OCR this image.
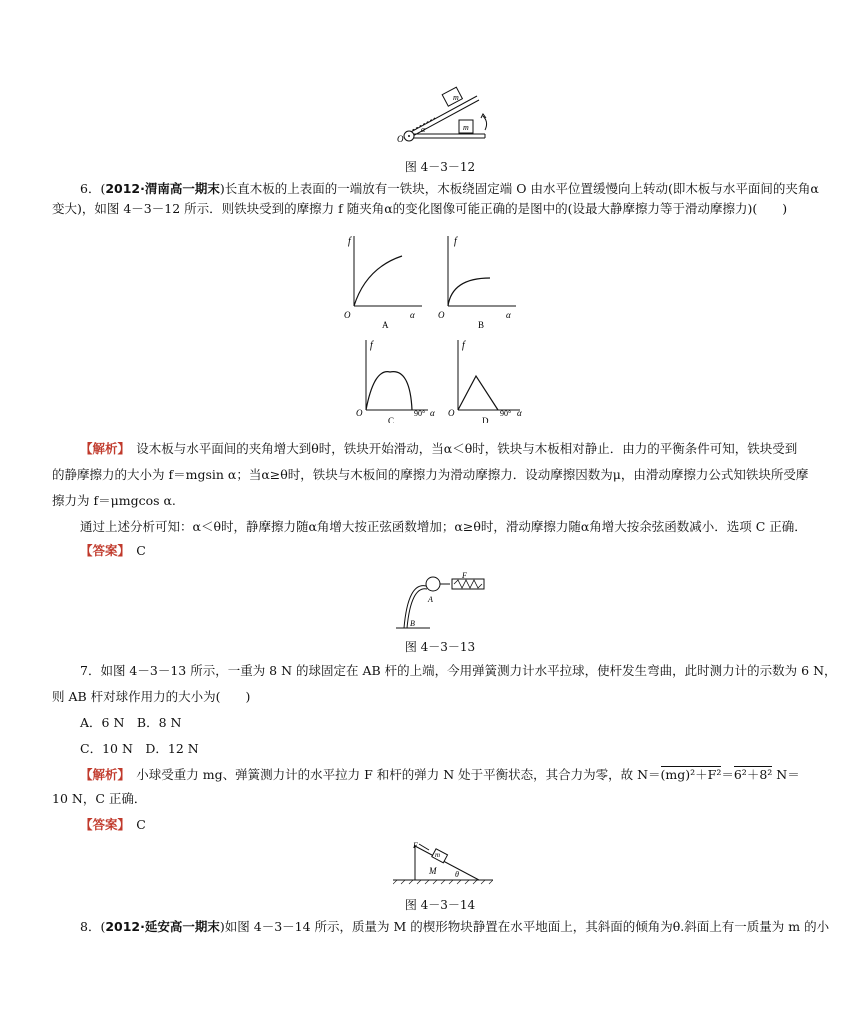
m
m
α
O
图 4－3－12
6．(2012·渭南高一期末)长直木板的上表面的一端放有一铁块，木板绕固定端 O 由水平位置缓慢向上转动(即木板与水平面间的夹角α
变大)，如图 4－3－12 所示．则铁块受到的摩擦力 f 随夹角α的变化图像可能正确的是图中的(设最大静摩擦力等于滑动摩擦力)(　　)
f
O	α
A
f
O	α
B
f
O	90° α
C
f
O	90° α
D
【解析】　 设木板与水平面间的夹角增大到θ时，铁块开始滑动，当α＜θ时，铁块与木板相对静止．由力的平衡条件可知，铁块受到
的静摩擦力的大小为 f＝mgsin α；当α≥θ时，铁块与木板间的摩擦力为滑动摩擦力．设动摩擦因数为μ，由滑动摩擦力公式知铁块所受摩
擦力为 f＝μmgcos α.
通过上述分析可知：α＜θ时，静摩擦力随α角增大按正弦函数增加；α≥θ时，滑动摩擦力随α角增大按余弦函数减小．选项 C 正确．
【答案】　 C
F
A
B
图 4－3－13
7．如图 4－3－13 所示，一重为 8 N 的球固定在 AB 杆的上端，今用弹簧测力计水平拉球，使杆发生弯曲，此时测力计的示数为 6 N，
则 AB 杆对球作用力的大小为(　　)
A．6 N　B．8 N
C．10 N　D．12 N
【解析】　 小球受重力 mg、弹簧测力计的水平拉力 F 和杆的弹力 N 处于平衡状态，其合力为零，故 N＝(mg)²＋F²＝6²＋8² N＝
10 N，C 正确．
【答案】　 C
F
m
M θ
图 4－3－14
8．(2012·延安高一期末)如图 4－3－14 所示，质量为 M 的楔形物块静置在水平地面上，其斜面的倾角为θ.斜面上有一质量为 m 的小
